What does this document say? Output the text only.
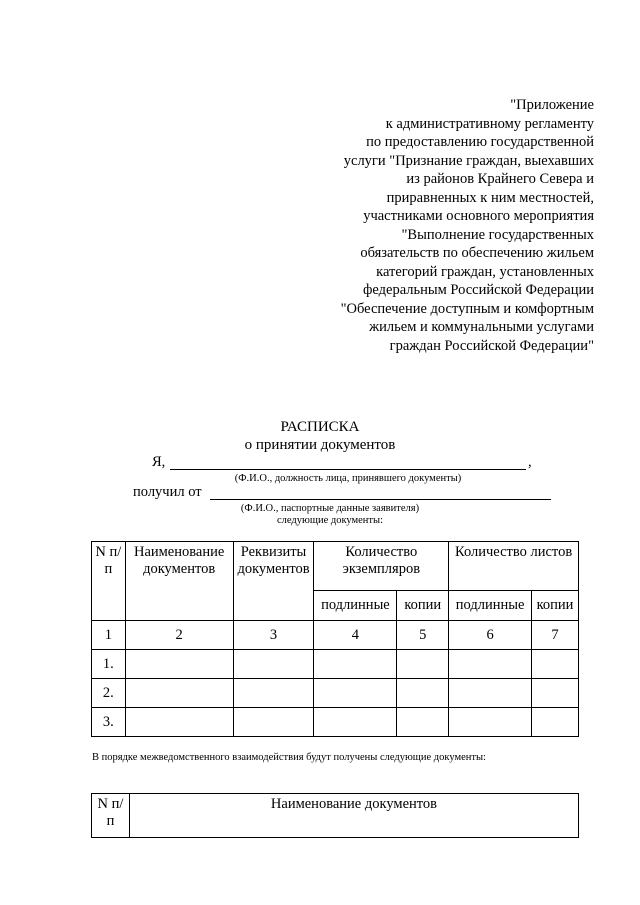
"Приложение
к административному регламенту
по предоставлению государственной
услуги "Признание граждан, выехавших
из районов Крайнего Севера и
приравненных к ним местностей,
участниками основного мероприятия
"Выполнение государственных
обязательств по обеспечению жильем
категорий граждан, установленных
федеральным Российской Федерации
"Обеспечение доступным и комфортным
жильем и коммунальными услугами
граждан Российской Федерации"
РАСПИСКА
о принятии документов
Я,	,
(Ф.И.О., должность лица, принявшего документы)
получил от
(Ф.И.О., паспортные данные заявителя)
следующие документы:
N п/п	Наименование документов	Реквизиты документов	Количество экземпляров		Количество листов	
			подлинные	копии	подлинные	копии
1	2	3	4	5	6	7
1.						
2.						
3.						
В порядке межведомственного взаимодействия будут получены следующие документы:
N п/п	Наименование документов
